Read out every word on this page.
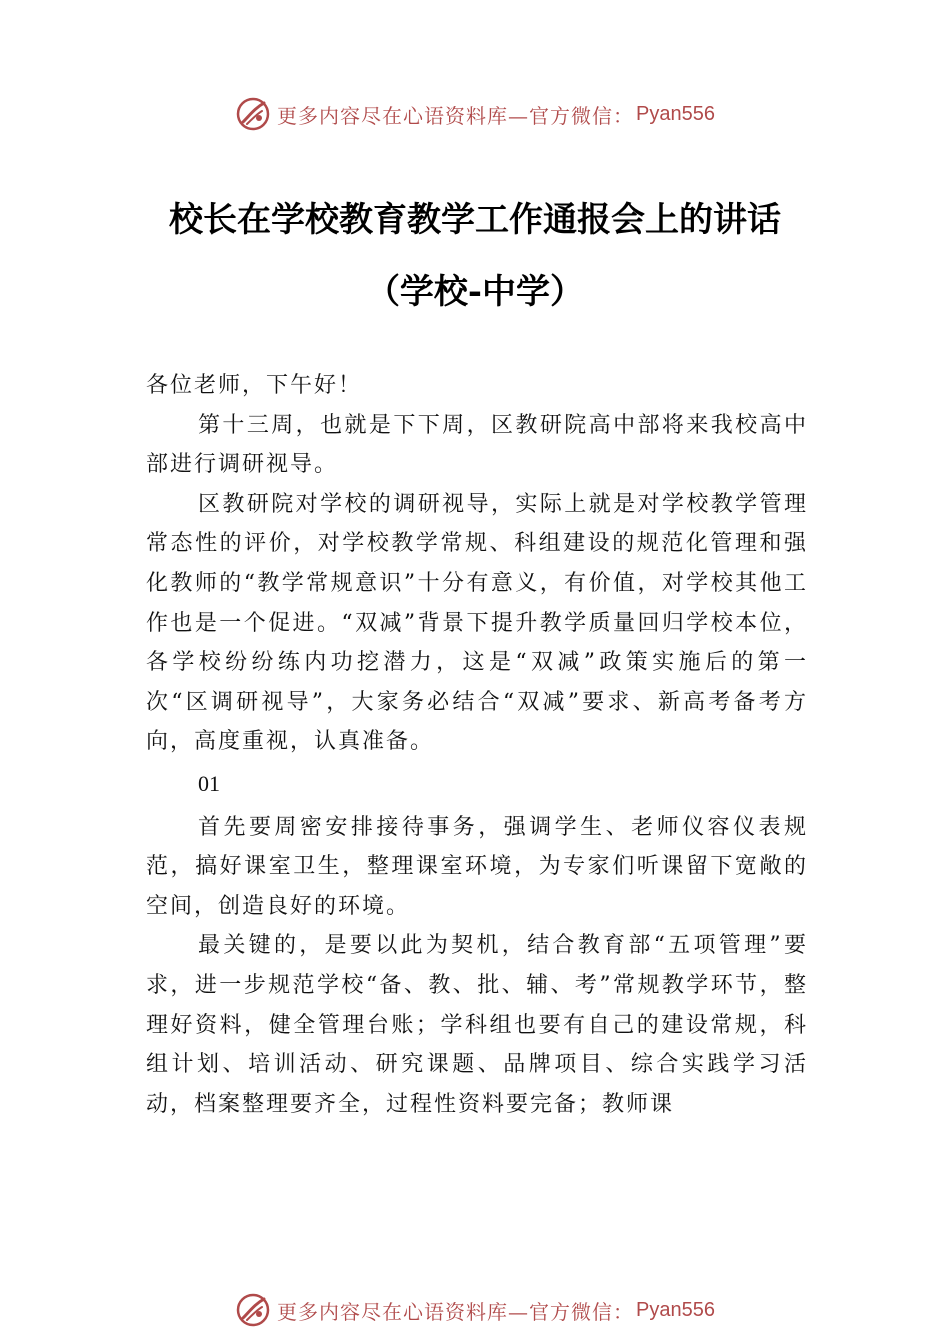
更多内容尽在心语资料库—官方微信： Pyan556
校长在学校教育教学工作通报会上的讲话
（学校-中学）

各位老师，下午好！

第十三周，也就是下下周，区教研院高中部将来我校高中部进行调研视导。

区教研院对学校的调研视导，实际上就是对学校教学管理常态性的评价，对学校教学常规、科组建设的规范化管理和强化教师的“教学常规意识”十分有意义，有价值，对学校其他工作也是一个促进。“双减”背景下提升教学质量回归学校本位，各学校纷纷练内功挖潜力，这是“双减”政策实施后的第一次“区调研视导”，大家务必结合“双减”要求、新高考备考方向，高度重视，认真准备。

01

首先要周密安排接待事务，强调学生、老师仪容仪表规范，搞好课室卫生，整理课室环境，为专家们听课留下宽敞的空间，创造良好的环境。

最关键的，是要以此为契机，结合教育部“五项管理”要求，进一步规范学校“备、教、批、辅、考”常规教学环节，整理好资料，健全管理台账；学科组也要有自己的建设常规，科组计划、培训活动、研究课题、品牌项目、综合实践学习活动，档案整理要齐全，过程性资料要完备；教师课

更多内容尽在心语资料库—官方微信： Pyan556
